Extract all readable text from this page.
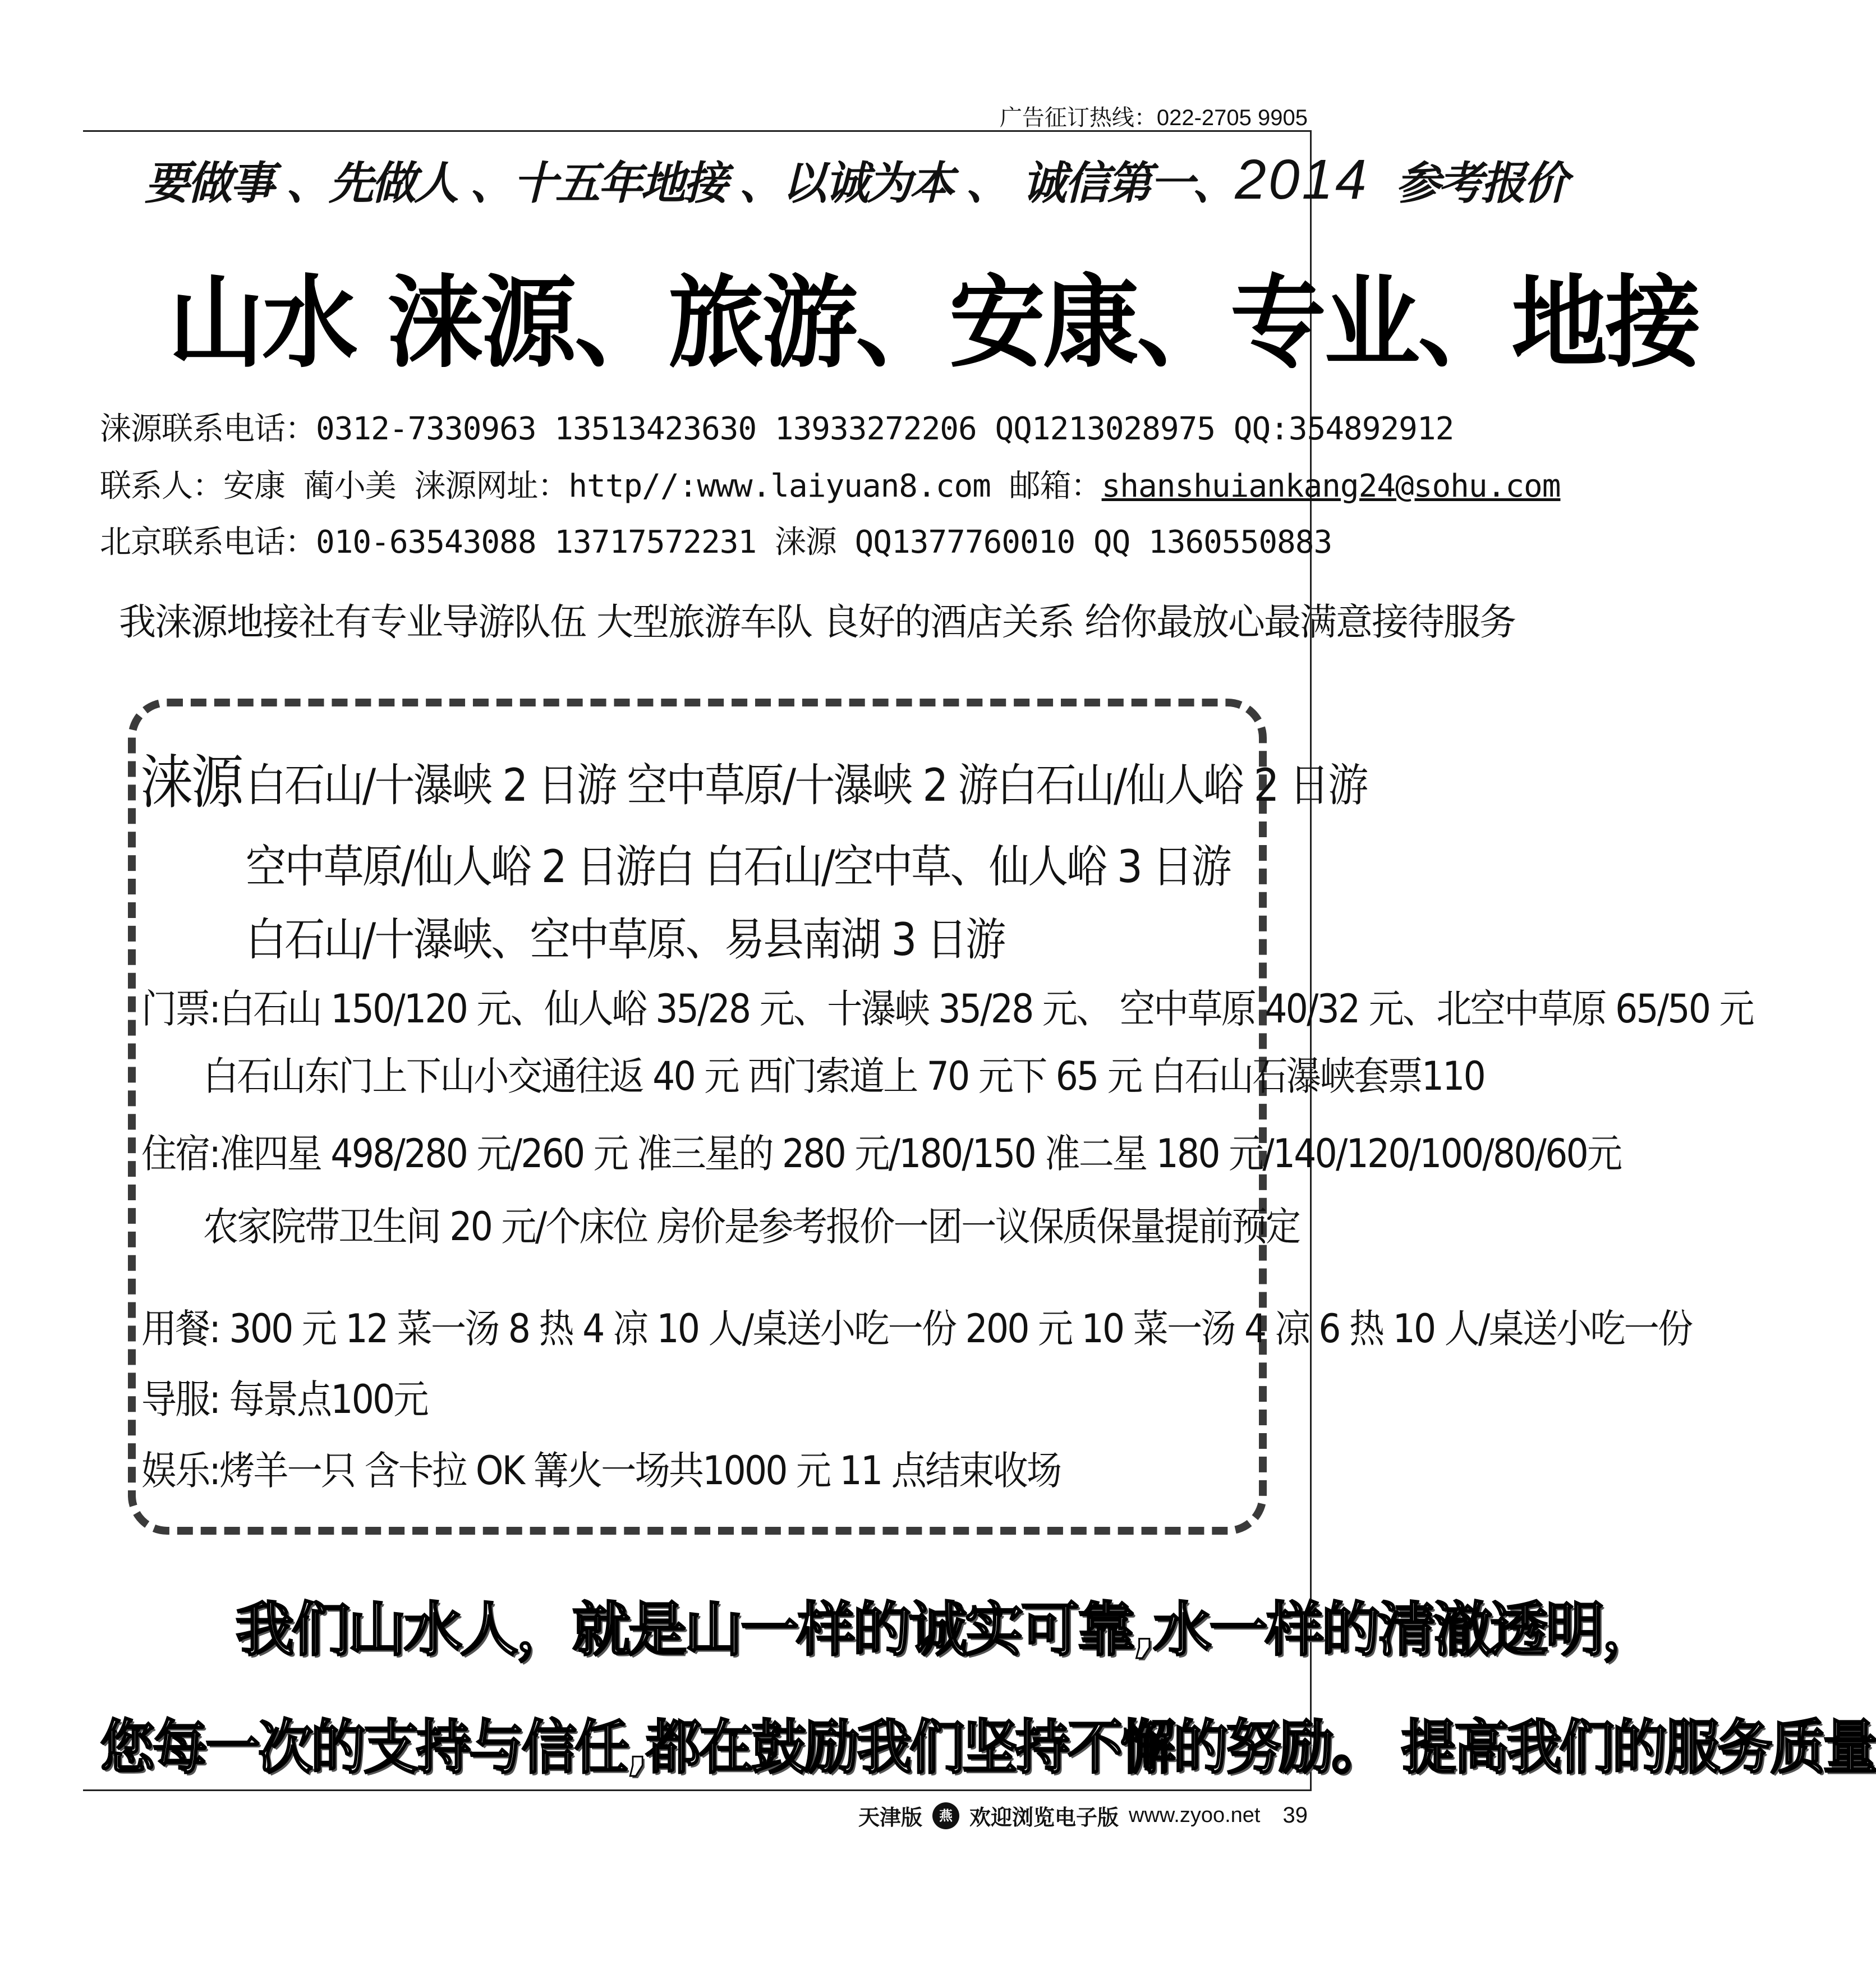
广告征订热线：022-2705 9905
要做事 、先做人 、十五年地接 、以诚为本 、 诚信第一、2014 参考报价
山水 涞源、旅游、安康、专业、地接
涞源联系电话：0312-7330963 13513423630 13933272206 QQ1213028975 QQ:354892912
联系人：安康 蔺小美 涞源网址：http//:www.laiyuan8.com 邮箱：shanshuiankang24@sohu.com
北京联系电话：010-63543088 13717572231 涞源 QQ1377760010 QQ 1360550883
我涞源地接社有专业导游队伍 大型旅游车队 良好的酒店关系 给你最放心最满意接待服务
涞源 白石山/十瀑峡 2 日游 空中草原/十瀑峡 2 游白石山/仙人峪 2 日游
空中草原/仙人峪 2 日游白 白石山/空中草、仙人峪 3 日游
白石山/十瀑峡、空中草原、易县南湖 3 日游
门票:白石山 150/120 元、仙人峪 35/28 元、十瀑峡 35/28 元、 空中草原 40/32 元、北空中草原 65/50 元
白石山东门上下山小交通往返 40 元 西门索道上 70 元下 65 元 白石山石瀑峡套票110
住宿:准四星 498/280 元/260 元 准三星的 280 元/180/150 准二星 180 元/140/120/100/80/60元
农家院带卫生间 20 元/个床位 房价是参考报价一团一议保质保量提前预定
用餐: 300 元 12 菜一汤 8 热 4 凉 10 人/桌送小吃一份 200 元 10 菜一汤 4 凉 6 热 10 人/桌送小吃一份
导服: 每景点100元
娱乐:烤羊一只 含卡拉 OK 篝火一场共1000 元 11 点结束收场
我们山水人，就是山一样的诚实可靠,水一样的清澈透明，
您每一次的支持与信任,都在鼓励我们坚持不懈的努励。 提高我们的服务质量
天津版	燕 欢迎浏览电子版 www.zyoo.net 39
